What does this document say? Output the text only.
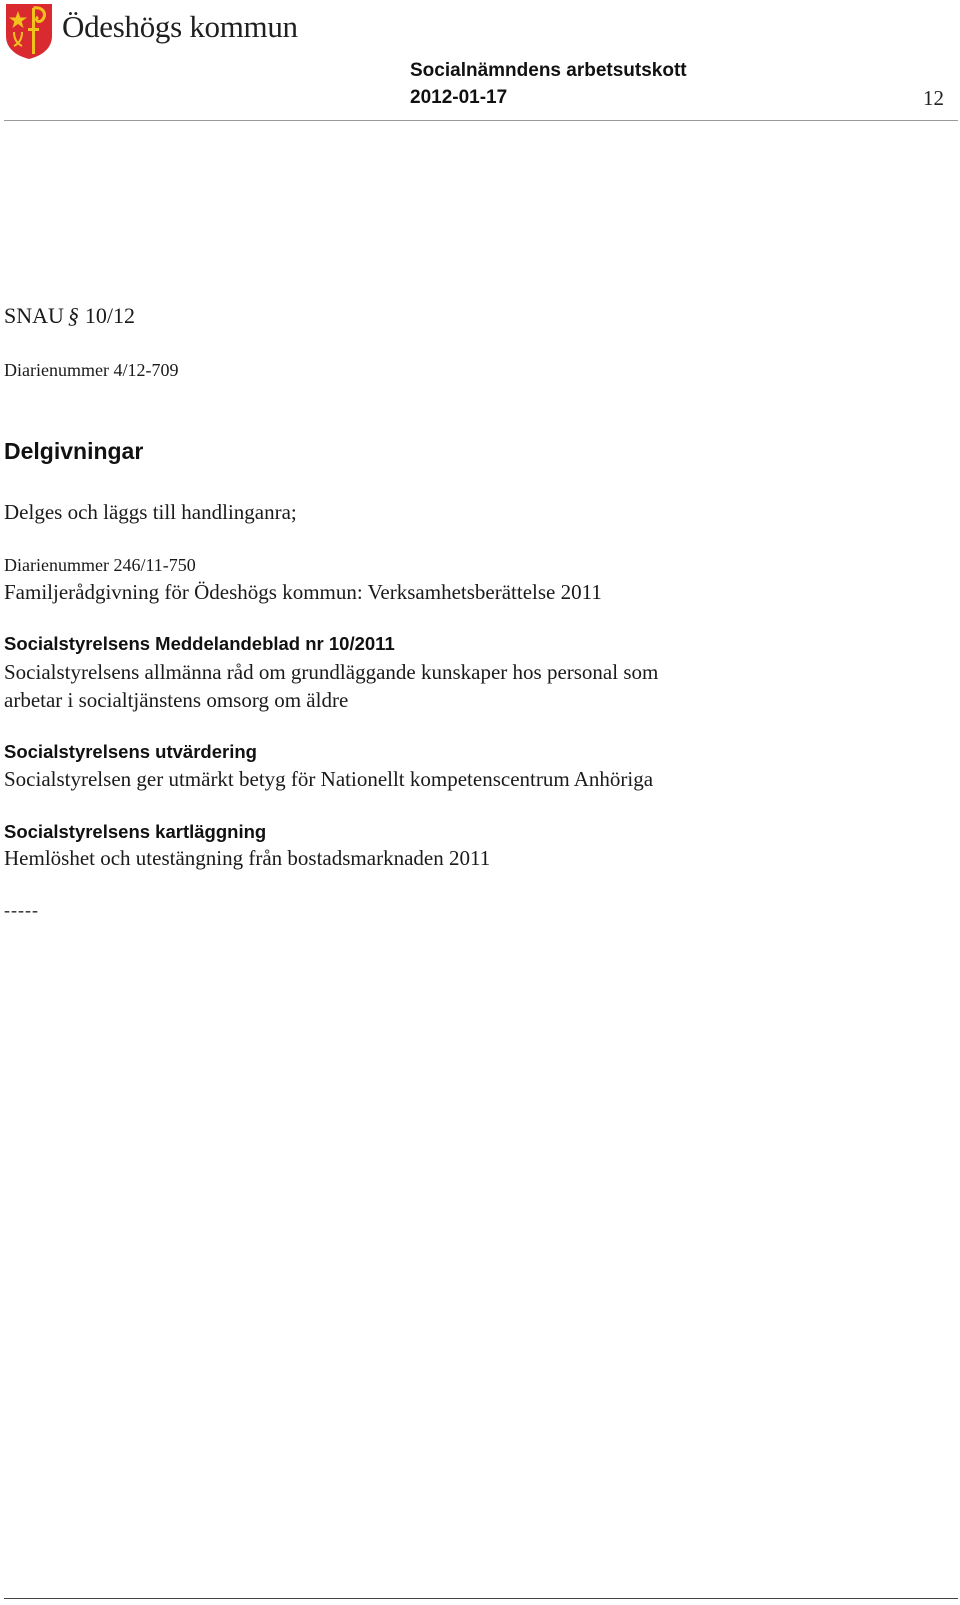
Ödeshögs kommun
Socialnämndens arbetsutskott
2012-01-17	12
SNAU § 10/12
Diarienummer 4/12-709
Delgivningar
Delges och läggs till handlinganra;
Diarienummer 246/11-750
Familjerådgivning för Ödeshögs kommun: Verksamhetsberättelse 2011
Socialstyrelsens Meddelandeblad nr 10/2011
Socialstyrelsens allmänna råd om grundläggande kunskaper hos personal som
arbetar i socialtjänstens omsorg om äldre
Socialstyrelsens utvärdering
Socialstyrelsen ger utmärkt betyg för Nationellt kompetenscentrum Anhöriga
Socialstyrelsens kartläggning
Hemlöshet och utestängning från bostadsmarknaden 2011
-----
